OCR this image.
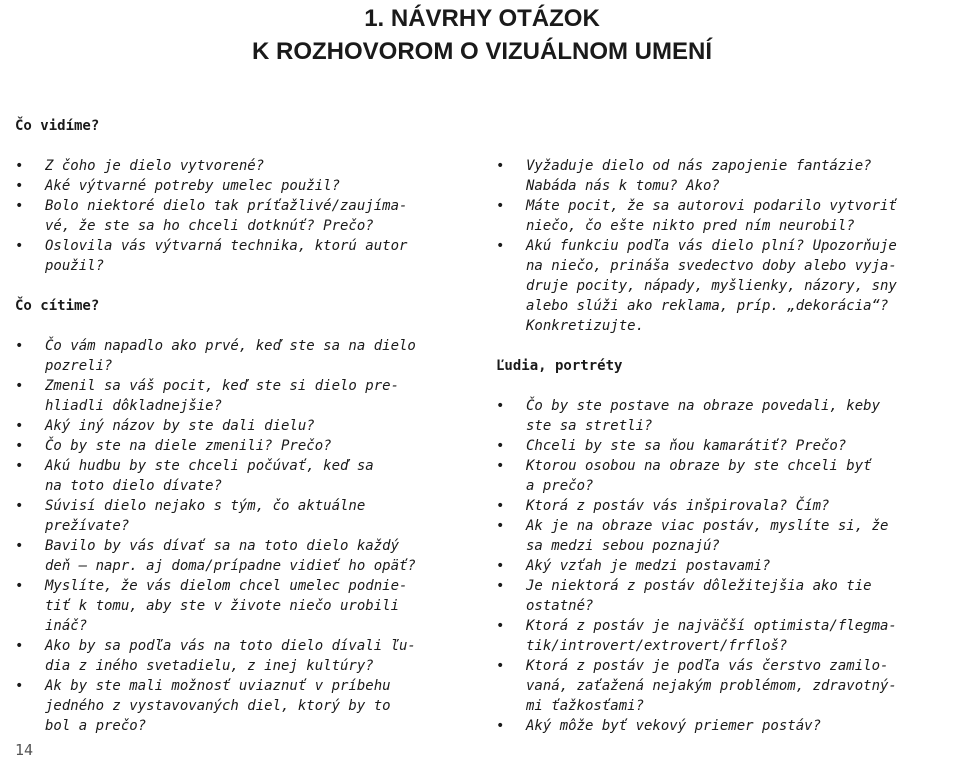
1. NÁVRHY OTÁZOK
K ROZHOVOROM O VIZUÁLNOM UMENÍ
Čo vidíme?
• Z čoho je dielo vytvorené?
• Aké výtvarné potreby umelec použil?
• Bolo niektoré dielo tak príťažlivé/zaujíma-
vé, že ste sa ho chceli dotknúť? Prečo?
• Oslovila vás výtvarná technika, ktorú autor
použil?
Čo cítime?
• Čo vám napadlo ako prvé, keď ste sa na dielo
pozreli?
• Zmenil sa váš pocit, keď ste si dielo pre-
hliadli dôkladnejšie?
• Aký iný názov by ste dali dielu?
• Čo by ste na diele zmenili? Prečo?
• Akú hudbu by ste chceli počúvať, keď sa
na toto dielo dívate?
• Súvisí dielo nejako s tým, čo aktuálne
prežívate?
• Bavilo by vás dívať sa na toto dielo každý
deň – napr. aj doma/prípadne vidieť ho opäť?
• Myslíte, že vás dielom chcel umelec podnie-
tiť k tomu, aby ste v živote niečo urobili
ináč?
• Ako by sa podľa vás na toto dielo dívali ľu-
dia z iného svetadielu, z inej kultúry?
• Ak by ste mali možnosť uviaznuť v príbehu
jedného z vystavovaných diel, ktorý by to
bol a prečo?
• Vyžaduje dielo od nás zapojenie fantázie?
Nabáda nás k tomu? Ako?
• Máte pocit, že sa autorovi podarilo vytvoriť
niečo, čo ešte nikto pred ním neurobil?
• Akú funkciu podľa vás dielo plní? Upozorňuje
na niečo, prináša svedectvo doby alebo vyja-
druje pocity, nápady, myšlienky, názory, sny
alebo slúži ako reklama, príp. „dekorácia“?
Konkretizujte.
Ľudia, portréty
• Čo by ste postave na obraze povedali, keby
ste sa stretli?
• Chceli by ste sa ňou kamarátiť? Prečo?
• Ktorou osobou na obraze by ste chceli byť
a prečo?
• Ktorá z postáv vás inšpirovala? Čím?
• Ak je na obraze viac postáv, myslíte si, že
sa medzi sebou poznajú?
• Aký vzťah je medzi postavami?
• Je niektorá z postáv dôležitejšia ako tie
ostatné?
• Ktorá z postáv je najväčší optimista/flegma-
tik/introvert/extrovert/frfloš?
• Ktorá z postáv je podľa vás čerstvo zamilo-
vaná, zaťažená nejakým problémom, zdravotný-
mi ťažkosťami?
• Aký môže byť vekový priemer postáv?
14
